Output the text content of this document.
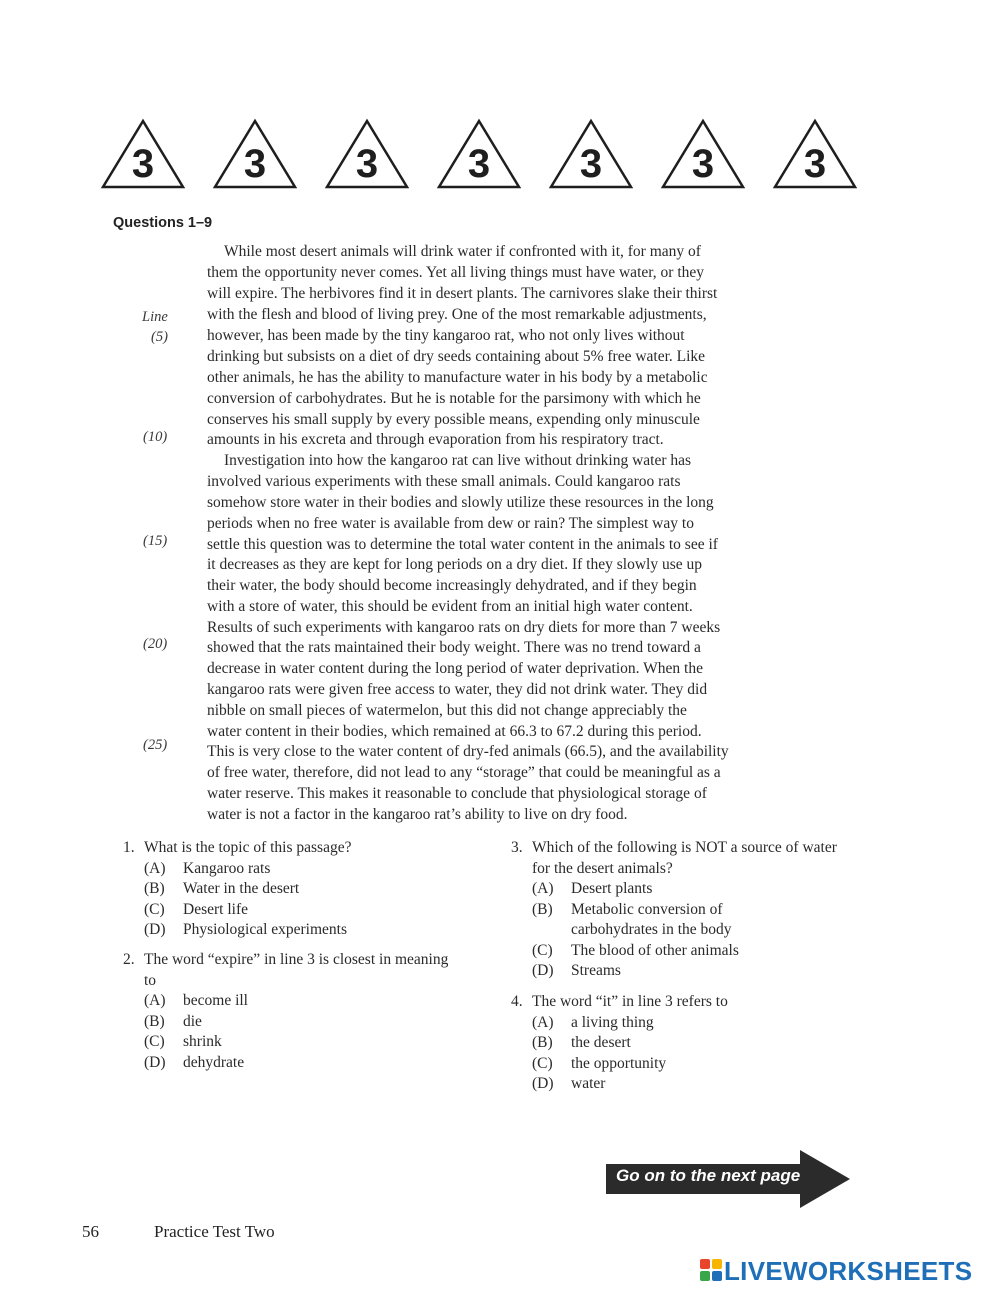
3	3	3	3	3	3	3
Questions 1–9
Line
(5)
(10)
(15)
(20)
(25)
While most desert animals will drink water if confronted with it, for many of
them the opportunity never comes. Yet all living things must have water, or they
will expire. The herbivores find it in desert plants. The carnivores slake their thirst
with the flesh and blood of living prey. One of the most remarkable adjustments,
however, has been made by the tiny kangaroo rat, who not only lives without
drinking but subsists on a diet of dry seeds containing about 5% free water. Like
other animals, he has the ability to manufacture water in his body by a metabolic
conversion of carbohydrates. But he is notable for the parsimony with which he
conserves his small supply by every possible means, expending only minuscule
amounts in his excreta and through evaporation from his respiratory tract.
Investigation into how the kangaroo rat can live without drinking water has
involved various experiments with these small animals. Could kangaroo rats
somehow store water in their bodies and slowly utilize these resources in the long
periods when no free water is available from dew or rain? The simplest way to
settle this question was to determine the total water content in the animals to see if
it decreases as they are kept for long periods on a dry diet. If they slowly use up
their water, the body should become increasingly dehydrated, and if they begin
with a store of water, this should be evident from an initial high water content.
Results of such experiments with kangaroo rats on dry diets for more than 7 weeks
showed that the rats maintained their body weight. There was no trend toward a
decrease in water content during the long period of water deprivation. When the
kangaroo rats were given free access to water, they did not drink water. They did
nibble on small pieces of watermelon, but this did not change appreciably the
water content in their bodies, which remained at 66.3 to 67.2 during this period.
This is very close to the water content of dry-fed animals (66.5), and the availability
of free water, therefore, did not lead to any “storage” that could be meaningful as a
water reserve. This makes it reasonable to conclude that physiological storage of
water is not a factor in the kangaroo rat’s ability to live on dry food.
1. What is the topic of this passage?
(A)	Kangaroo rats
(B)	Water in the desert
(C)	Desert life
(D)	Physiological experiments
2. The word “expire” in line 3 is closest in meaning to
(A)	become ill
(B)	die
(C)	shrink
(D)	dehydrate
3. Which of the following is NOT a source of water for the desert animals?
(A)	Desert plants
(B)	Metabolic conversion of carbohydrates in the body
(C)	The blood of other animals
(D)	Streams
4. The word “it” in line 3 refers to
(A)	a living thing
(B)	the desert
(C)	the opportunity
(D)	water
Go on to the next page
56	Practice Test Two
LIVEWORKSHEETS
